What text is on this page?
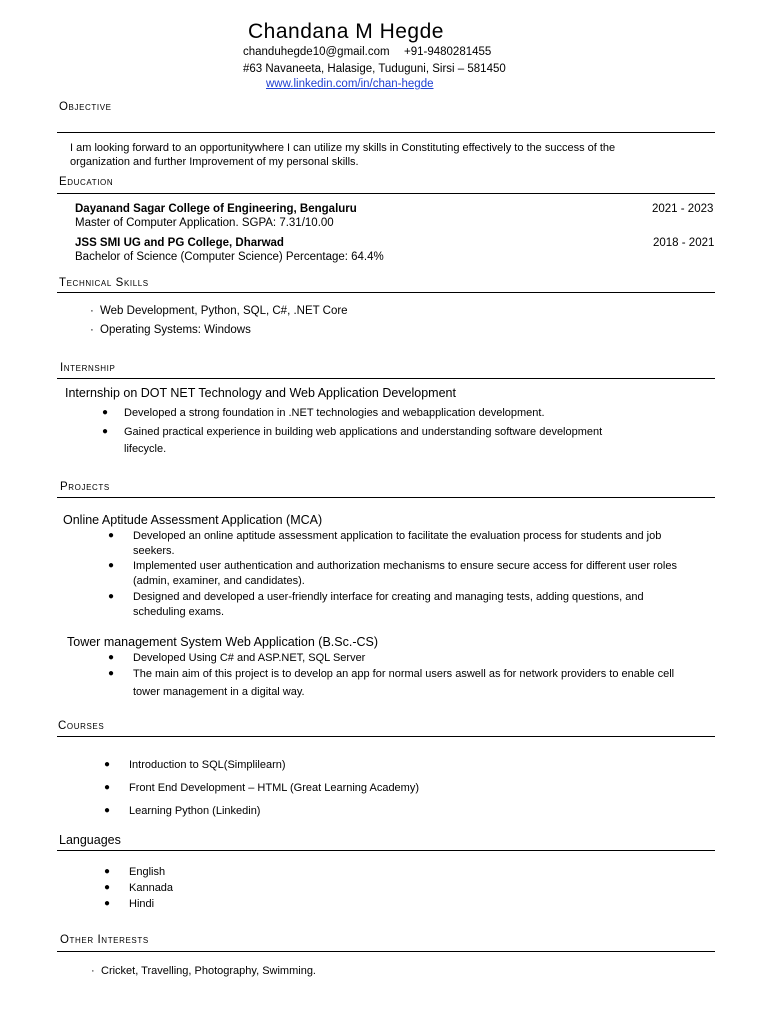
Chandana M Hegde
chanduhegde10@gmail.com +91-9480281455
#63 Navaneeta, Halasige, Tuduguni, Sirsi – 581450
www.linkedin.com/in/chan-hegde
Objective
I am looking forward to an opportunitywhere I can utilize my skills in Constituting effectively to the success of the
organization and further Improvement of my personal skills.
Education
Dayanand Sagar College of Engineering, Bengaluru	2021 - 2023
Master of Computer Application. SGPA: 7.31/10.00
JSS SMI UG and PG College, Dharwad	2018 - 2021
Bachelor of Science (Computer Science) Percentage: 64.4%
Technical Skills
· Web Development, Python, SQL, C#, .NET Core
· Operating Systems: Windows
Internship
Internship on DOT NET Technology and Web Application Development
● Developed a strong foundation in .NET technologies and webapplication development.
● Gained practical experience in building web applications and understanding software development
lifecycle.
Projects
Online Aptitude Assessment Application (MCA)
● Developed an online aptitude assessment application to facilitate the evaluation process for students and job
seekers.
● Implemented user authentication and authorization mechanisms to ensure secure access for different user roles
(admin, examiner, and candidates).
● Designed and developed a user-friendly interface for creating and managing tests, adding questions, and
scheduling exams.
Tower management System Web Application (B.Sc.-CS)
● Developed Using C# and ASP.NET, SQL Server
● The main aim of this project is to develop an app for normal users aswell as for network providers to enable cell
tower management in a digital way.
Courses
● Introduction to SQL(Simplilearn)
● Front End Development – HTML (Great Learning Academy)
● Learning Python (Linkedin)
Languages
● English
● Kannada
● Hindi
Other Interests
· Cricket, Travelling, Photography, Swimming.
